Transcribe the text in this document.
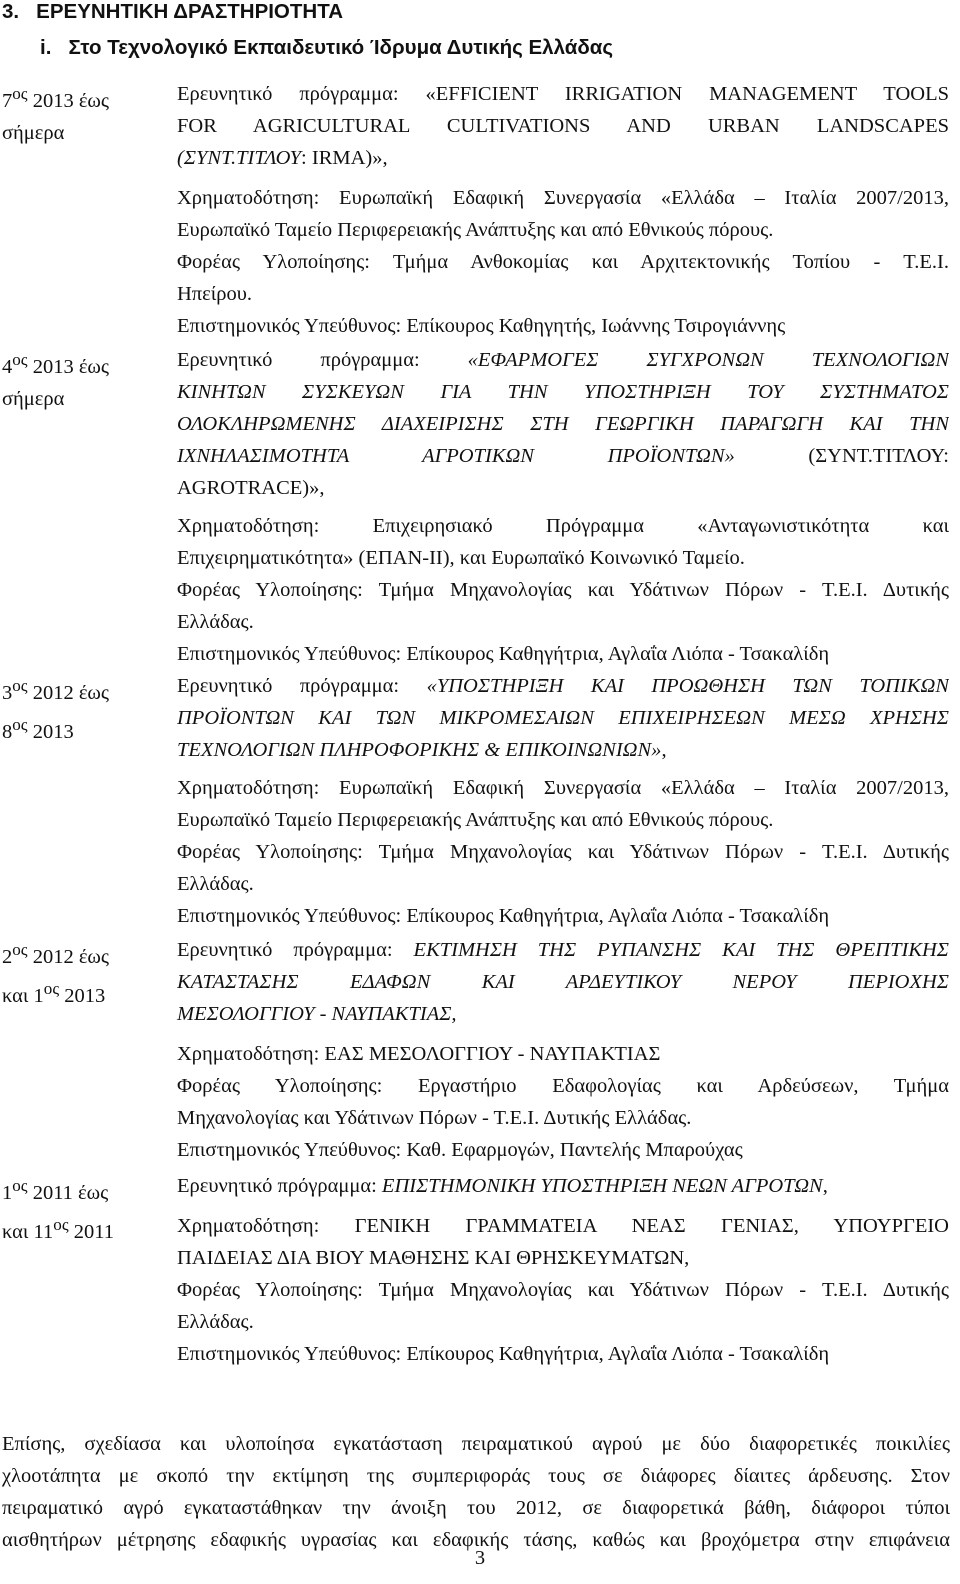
3.   ΕΡΕΥΝΗΤΙΚΗ ΔΡΑΣΤΗΡΙΟΤΗΤΑ
i.   Στο Τεχνολογικό Εκπαιδευτικό Ίδρυμα Δυτικής Ελλάδας
$7^{o\varsigma}$ 2013 έως
σήμερα
Ερευνητικό πρόγραμμα: «EFFICIENT IRRIGATION MANAGEMENT TOOLS
FOR AGRICULTURAL CULTIVATIONS AND URBAN LANDSCAPES
(ΣΥΝΤ.ΤΙΤΛΟΥ: IRMA)»,
Χρηματοδότηση: Ευρωπαϊκή Εδαφική Συνεργασία «Ελλάδα – Ιταλία 2007/2013,
Ευρωπαϊκό Ταμείο Περιφερειακής Ανάπτυξης και από Εθνικούς πόρους.
Φορέας Υλοποίησης: Τμήμα Ανθοκομίας και Αρχιτεκτονικής Τοπίου - Τ.Ε.Ι.
Ηπείρου.
Επιστημονικός Υπεύθυνος: Επίκουρος Καθηγητής, Ιωάννης Τσιρογιάννης
$4^{o\varsigma}$ 2013 έως
σήμερα
Ερευνητικό πρόγραμμα: «ΕΦΑΡΜΟΓΕΣ ΣΥΓΧΡΟΝΩΝ ΤΕΧΝΟΛΟΓΙΩΝ
ΚΙΝΗΤΩΝ ΣΥΣΚΕΥΩΝ ΓΙΑ ΤΗΝ ΥΠΟΣΤΗΡΙΞΗ ΤΟΥ ΣΥΣΤΗΜΑΤΟΣ
ΟΛΟΚΛΗΡΩΜΕΝΗΣ ΔΙΑΧΕΙΡΙΣΗΣ ΣΤΗ ΓΕΩΡΓΙΚΗ ΠΑΡΑΓΩΓΗ ΚΑΙ ΤΗΝ
ΙΧΝΗΛΑΣΙΜΟΤΗΤΑ ΑΓΡΟΤΙΚΩΝ ΠΡΟΪΟΝΤΩΝ»	(ΣΥΝΤ.ΤΙΤΛΟΥ:
AGROTRACE)»,
Χρηματοδότηση: Επιχειρησιακό Πρόγραμμα «Ανταγωνιστικότητα και
Επιχειρηματικότητα» (ΕΠΑΝ-ΙΙ), και Ευρωπαϊκό Κοινωνικό Ταμείο.
Φορέας Υλοποίησης: Τμήμα Μηχανολογίας και Υδάτινων Πόρων - Τ.Ε.Ι. Δυτικής
Ελλάδας.
Επιστημονικός Υπεύθυνος: Επίκουρος Καθηγήτρια, Αγλαΐα Λιόπα - Τσακαλίδη
$3^{o\varsigma}$ 2012 έως
$8^{o\varsigma}$ 2013
Ερευνητικό πρόγραμμα: «ΥΠΟΣΤΗΡΙΞΗ ΚΑΙ ΠΡΟΩΘΗΣΗ ΤΩΝ ΤΟΠΙΚΩΝ
ΠΡΟΪΟΝΤΩΝ ΚΑΙ ΤΩΝ ΜΙΚΡΟΜΕΣΑΙΩΝ ΕΠΙΧΕΙΡΗΣΕΩΝ ΜΕΣΩ ΧΡΗΣΗΣ
ΤΕΧΝΟΛΟΓΙΩΝ ΠΛΗΡΟΦΟΡΙΚΗΣ & ΕΠΙΚΟΙΝΩΝΙΩΝ»,
Χρηματοδότηση: Ευρωπαϊκή Εδαφική Συνεργασία «Ελλάδα – Ιταλία 2007/2013,
Ευρωπαϊκό Ταμείο Περιφερειακής Ανάπτυξης και από Εθνικούς πόρους.
Φορέας Υλοποίησης: Τμήμα Μηχανολογίας και Υδάτινων Πόρων - Τ.Ε.Ι. Δυτικής
Ελλάδας.
Επιστημονικός Υπεύθυνος: Επίκουρος Καθηγήτρια, Αγλαΐα Λιόπα - Τσακαλίδη
$2^{o\varsigma}$ 2012 έως
και $1^{o\varsigma}$ 2013
Ερευνητικό πρόγραμμα: ΕΚΤΙΜΗΣΗ ΤΗΣ ΡΥΠΑΝΣΗΣ ΚΑΙ ΤΗΣ ΘΡΕΠΤΙΚΗΣ
ΚΑΤΑΣΤΑΣΗΣ ΕΔΑΦΩΝ ΚΑΙ ΑΡΔΕΥΤΙΚΟΥ ΝΕΡΟΥ ΠΕΡΙΟΧΗΣ
ΜΕΣΟΛΟΓΓΙΟΥ - ΝΑΥΠΑΚΤΙΑΣ,
Χρηματοδότηση: ΕΑΣ ΜΕΣΟΛΟΓΓΙΟΥ - ΝΑΥΠΑΚΤΙΑΣ
Φορέας Υλοποίησης: Εργαστήριο Εδαφολογίας και Αρδεύσεων, Τμήμα
Μηχανολογίας και Υδάτινων Πόρων - Τ.Ε.Ι. Δυτικής Ελλάδας.
Επιστημονικός Υπεύθυνος: Καθ. Εφαρμογών, Παντελής Μπαρούχας
$1^{o\varsigma}$ 2011 έως
και $11^{o\varsigma}$ 2011
Ερευνητικό πρόγραμμα: ΕΠΙΣΤΗΜΟΝΙΚΗ ΥΠΟΣΤΗΡΙΞΗ ΝΕΩΝ ΑΓΡΟΤΩΝ,
Χρηματοδότηση: ΓΕΝΙΚΗ ΓΡΑΜΜΑΤΕΙΑ ΝΕΑΣ ΓΕΝΙΑΣ, ΥΠΟΥΡΓΕΙΟ
ΠΑΙΔΕΙΑΣ ΔΙΑ ΒΙΟΥ ΜΑΘΗΣΗΣ ΚΑΙ ΘΡΗΣΚΕΥΜΑΤΩΝ,
Φορέας Υλοποίησης: Τμήμα Μηχανολογίας και Υδάτινων Πόρων - Τ.Ε.Ι. Δυτικής
Ελλάδας.
Επιστημονικός Υπεύθυνος: Επίκουρος Καθηγήτρια, Αγλαΐα Λιόπα - Τσακαλίδη
Επίσης, σχεδίασα και υλοποίησα εγκατάσταση πειραματικού αγρού με δύο διαφορετικές ποικιλίες
χλοοτάπητα με σκοπό την εκτίμηση της συμπεριφοράς τους σε διάφορες δίαιτες άρδευσης. Στον
πειραματικό αγρό εγκαταστάθηκαν την άνοιξη του 2012, σε διαφορετικά βάθη, διάφοροι τύποι
αισθητήρων μέτρησης εδαφικής υγρασίας και εδαφικής τάσης, καθώς και βροχόμετρα στην επιφάνεια
3
